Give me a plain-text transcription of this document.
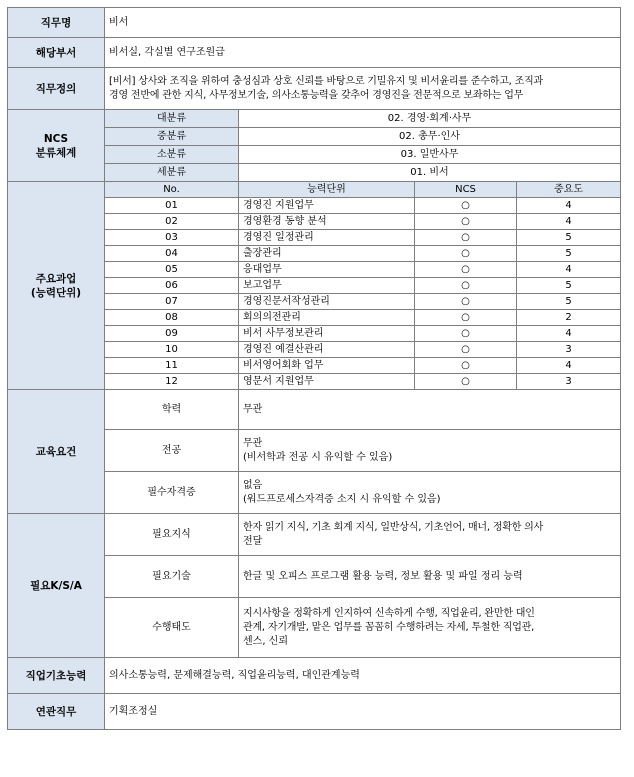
직무명	비서			
해당부서	비서실, 각실별 연구조원급			
직무정의	[비서] 상사와 조직을 위하여 충성심과 상호 신뢰를 바탕으로 기밀유지 및 비서윤리를 준수하고, 조직과
경영 전반에 관한 지식, 사무정보기술, 의사소통능력을 갖추어 경영진을 전문적으로 보좌하는 업무			

NCS
분류체계	대분류	02. 경영·회계·사무		
	중분류	02. 총무·인사		
	소분류	03. 일반사무		
	세분류	01. 비서		

주요과업
(능력단위)	No.	능력단위	NCS	중요도
	01	경영진 지원업무	○	4
	02	경영환경 동향 분석	○	4
	03	경영진 일정관리	○	5
	04	출장관리	○	5
	05	응대업무	○	4
	06	보고업무	○	5
	07	경영진문서작성관리	○	5
	08	회의의전관리	○	2
	09	비서 사무정보관리	○	4
	10	경영진 예결산관리	○	3
	11	비서영어회화 업무	○	4
	12	영문서 지원업무	○	3
교육요건	학력	무관		

	전공	무관
(비서학과 전공 시 유익할 수 있음)		

	필수자격증	없음
(워드프로세스자격증 소지 시 유익할 수 있음)		

필요K/S/A	필요지식	한자 읽기 지식, 기초 회계 지식, 일반상식, 기초언어, 매너, 정확한 의사
전달		

	필요기술	한글 및 오피스 프로그램 활용 능력, 정보 활용 및 파일 정리 능력		

	수행태도	지시사항을 정확하게 인지하여 신속하게 수행, 직업윤리, 완만한 대인
관계, 자기개발, 맡은 업무를 꼼꼼히 수행하려는 자세, 투철한 직업관,
센스, 신뢰		

직업기초능력	의사소통능력, 문제해결능력, 직업윤리능력, 대인관계능력			
연관직무	기획조정실			
